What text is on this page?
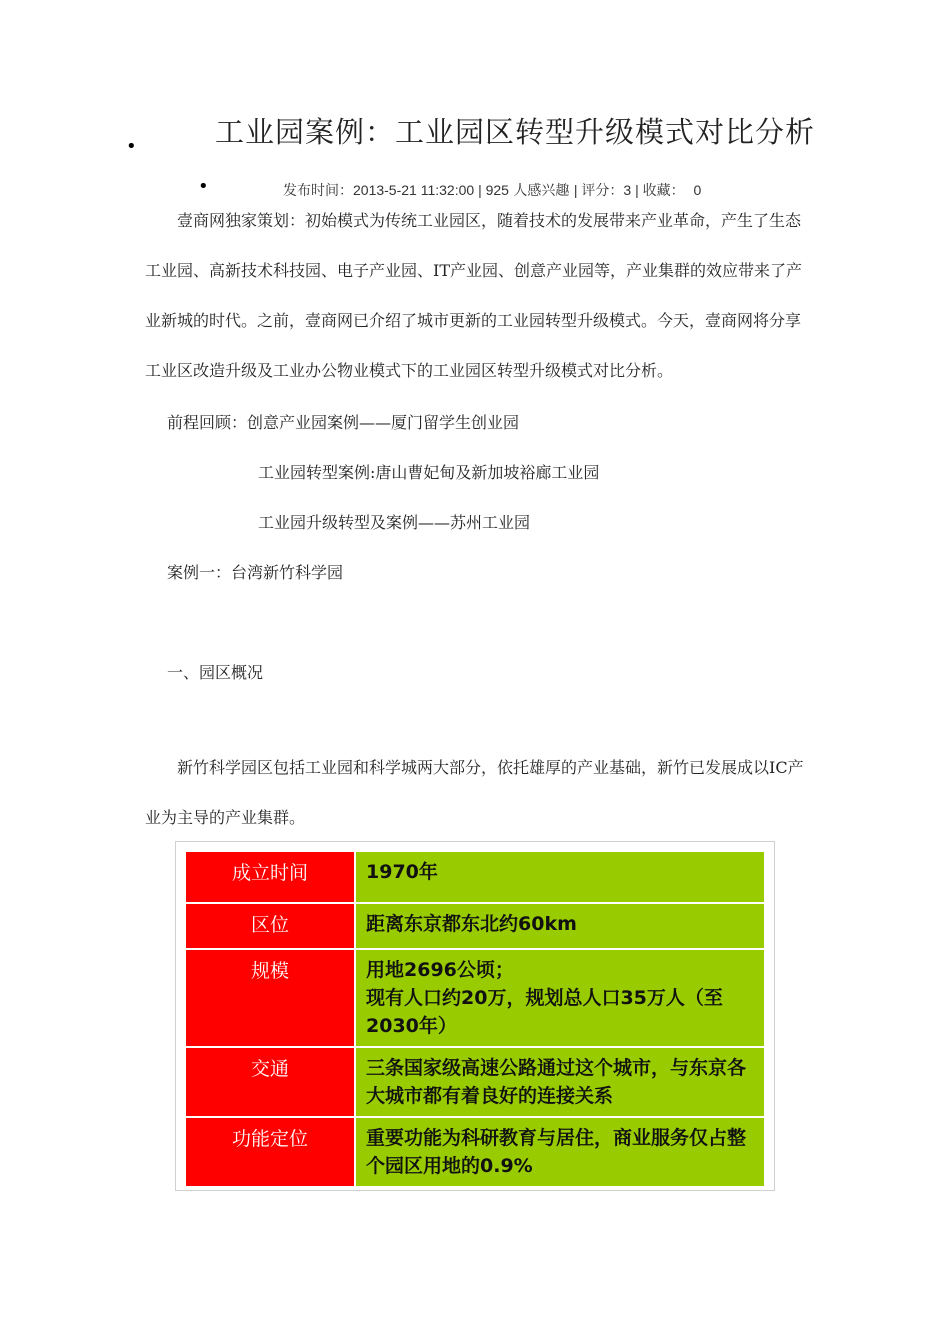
•	工业园案例：工业园区转型升级模式对比分析
•	发布时间：2013-5-21 11:32:00 | 925 人感兴趣 | 评分：3 | 收藏： 0

壹商网独家策划：初始模式为传统工业园区，随着技术的发展带来产业革命，产生了生态工业园、高新技术科技园、电子产业园、IT产业园、创意产业园等，产业集群的效应带来了产业新城的时代。之前，壹商网已介绍了城市更新的工业园转型升级模式。今天，壹商网将分享工业区改造升级及工业办公物业模式下的工业园区转型升级模式对比分析。

前程回顾：创意产业园案例——厦门留学生创业园
工业园转型案例:唐山曹妃甸及新加坡裕廊工业园
工业园升级转型及案例——苏州工业园
案例一：台湾新竹科学园
一、园区概况

新竹科学园区包括工业园和科学城两大部分，依托雄厚的产业基础，新竹已发展成以IC产业为主导的产业集群。

成立时间	1970年

区位	距离东京都东北约60km

规模	用地2696公顷；
现有人口约20万，规划总人口35万人（至2030年）

交通	三条国家级高速公路通过这个城市，与东京各大城市都有着良好的连接关系

功能定位	重要功能为科研教育与居住，商业服务仅占整个园区用地的0.9%
